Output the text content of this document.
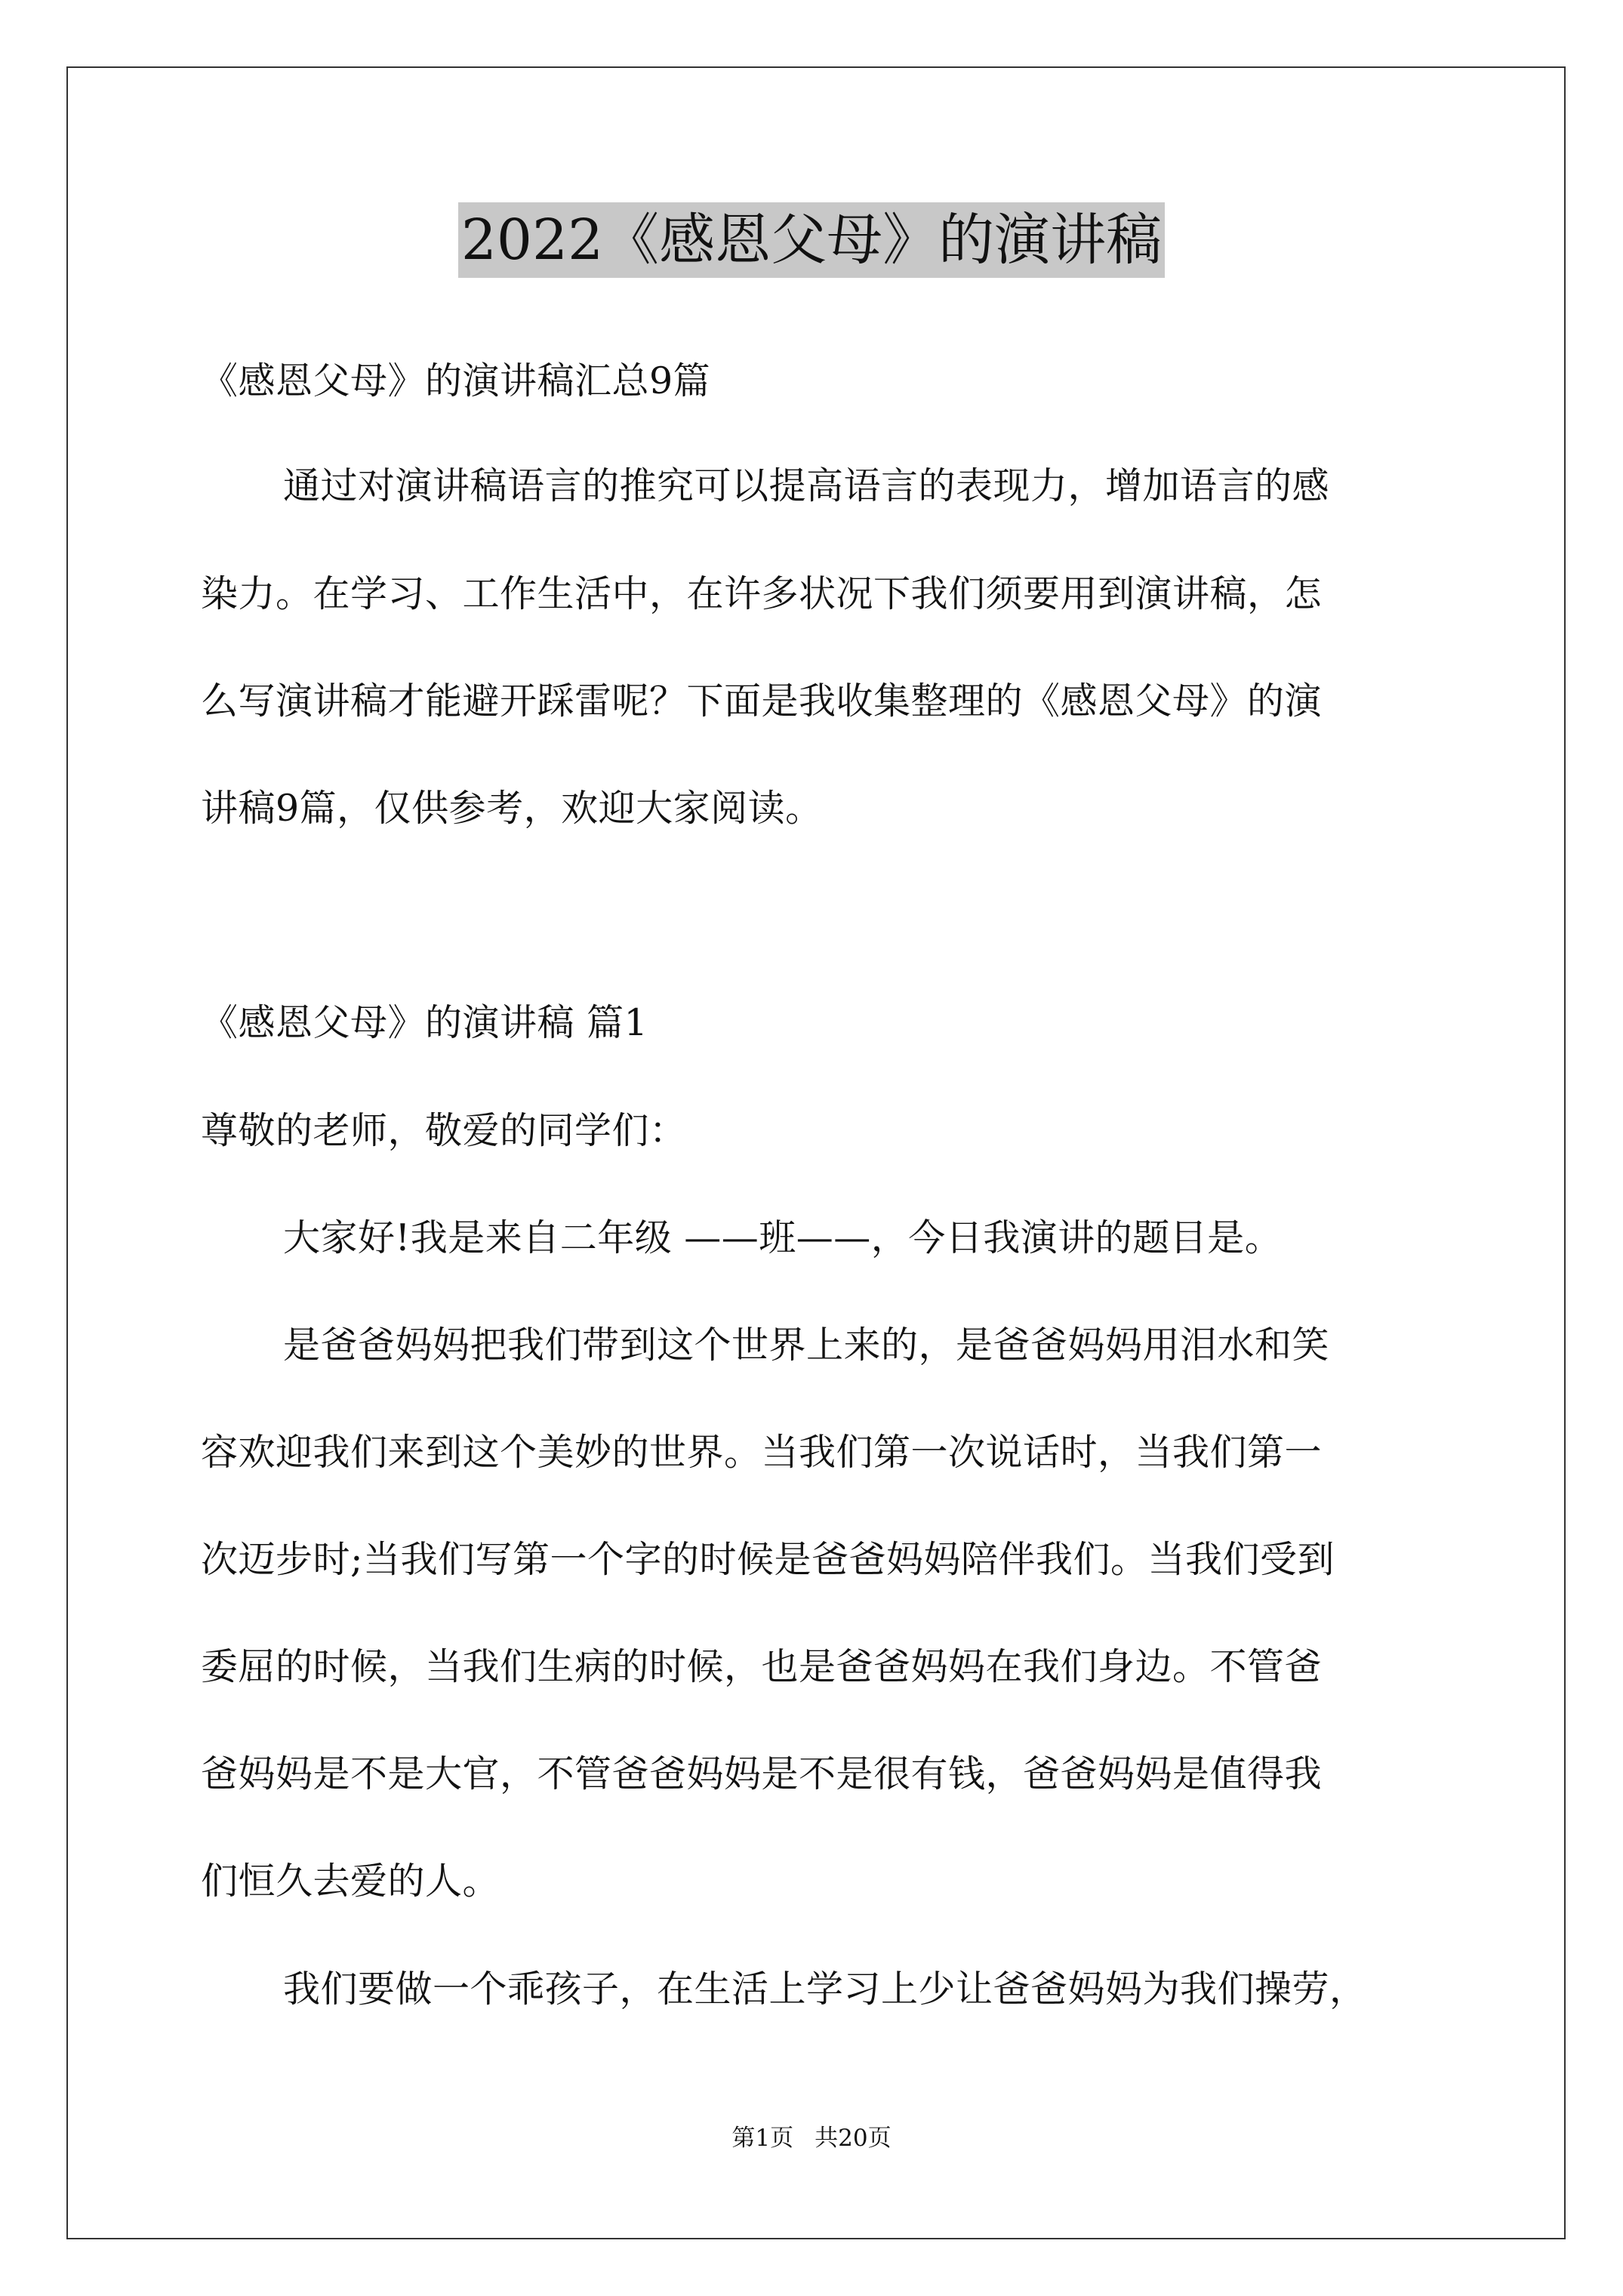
2022《感恩父母》的演讲稿
《感恩父母》的演讲稿汇总9篇
通过对演讲稿语言的推究可以提高语言的表现力，增加语言的感
染力。在学习、工作生活中，在许多状况下我们须要用到演讲稿，怎
么写演讲稿才能避开踩雷呢？下面是我收集整理的《感恩父母》的演
讲稿9篇，仅供参考，欢迎大家阅读。
《感恩父母》的演讲稿 篇1
尊敬的老师，敬爱的同学们：
大家好!我是来自二年级 ——班——，今日我演讲的题目是。
是爸爸妈妈把我们带到这个世界上来的，是爸爸妈妈用泪水和笑
容欢迎我们来到这个美妙的世界。当我们第一次说话时，当我们第一
次迈步时;当我们写第一个字的时候是爸爸妈妈陪伴我们。当我们受到
委屈的时候，当我们生病的时候，也是爸爸妈妈在我们身边。不管爸
爸妈妈是不是大官，不管爸爸妈妈是不是很有钱，爸爸妈妈是值得我
们恒久去爱的人。
我们要做一个乖孩子，在生活上学习上少让爸爸妈妈为我们操劳，
第1页 共20页
